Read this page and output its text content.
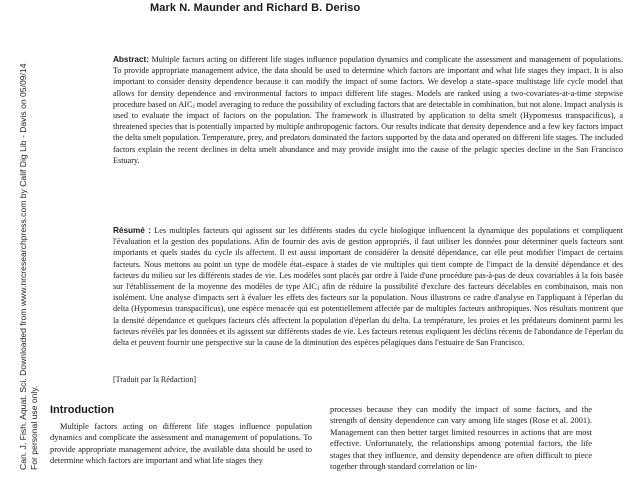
Mark N. Maunder and Richard B. Deriso
Can. J. Fish. Aquat. Sci. Downloaded from www.nrcresearchpress.com by Calif Dig Lib - Davis on 05/09/14 For personal use only.
Abstract: Multiple factors acting on different life stages influence population dynamics and complicate the assessment and management of populations. To provide appropriate management advice, the data should be used to determine which factors are important and what life stages they impact. It is also important to consider density dependence because it can modify the impact of some factors. We develop a state–space multistage life cycle model that allows for density dependence and environmental factors to impact different life stages. Models are ranked using a two-covariates-at-a-time stepwise procedure based on AICⱼ model averaging to reduce the possibility of excluding factors that are detectable in combination, but not alone. Impact analysis is used to evaluate the impact of factors on the population. The framework is illustrated by application to delta smelt (Hypomesus transpacificus), a threatened species that is potentially impacted by multiple anthropogenic factors. Our results indicate that density dependence and a few key factors impact the delta smelt population. Temperature, prey, and predators dominated the factors supported by the data and operated on different life stages. The included factors explain the recent declines in delta smelt abundance and may provide insight into the cause of the pelagic species decline in the San Francisco Estuary.
Résumé : Les multiples facteurs qui agissent sur les différents stades du cycle biologique influencent la dynamique des populations et compliquent l'évaluation et la gestion des populations. Afin de fournir des avis de gestion appropriés, il faut utiliser les données pour déterminer quels facteurs sont importants et quels stades du cycle ils affectent. Il est aussi important de considérer la densité dépendance, car elle peut modifier l'impact de certains facteurs. Nous mettons au point un type de modèle état–espace à stades de vie multiples qui tient compte de l'impact de la densité dépendance et des facteurs du milieu sur les différents stades de vie. Les modèles sont placés par ordre à l'aide d'une procédure pas-à-pas de deux covariables à la fois basée sur l'établissement de la moyenne des modèles de type AICⱼ afin de réduire la possibilité d'exclure des facteurs décelables en combinaison, mais non isolément. Une analyse d'impacts sert à évaluer les effets des facteurs sur la population. Nous illustrons ce cadre d'analyse en l'appliquant à l'éperlan du delta (Hypomesus transpacificus), une espèce menacée qui est potentiellement affectée par de multiples facteurs anthropiques. Nos résultats montrent que la densité dépendance et quelques facteurs clés affectent la population d'éperlan du delta. La température, les proies et les prédateurs dominent parmi les facteurs révélés par les données et ils agissent sur différents stades de vie. Les facteurs retenus expliquent les déclins récents de l'abondance de l'éperlan du delta et peuvent fournir une perspective sur la cause de la diminution des espèces pélagiques dans l'estuaire de San Francisco.
[Traduit par la Rédaction]
Introduction
Multiple factors acting on different life stages influence population dynamics and complicate the assessment and management of populations. To provide appropriate management advice, the available data should be used to determine which factors are important and what life stages they
processes because they can modify the impact of some factors, and the strength of density dependence can vary among life stages (Rose et al. 2001). Management can then better target limited resources in actions that are most effective. Unfortunately, the relationships among potential factors, the life stages that they influence, and density dependence are often difficult to piece together through standard correlation or lin-
